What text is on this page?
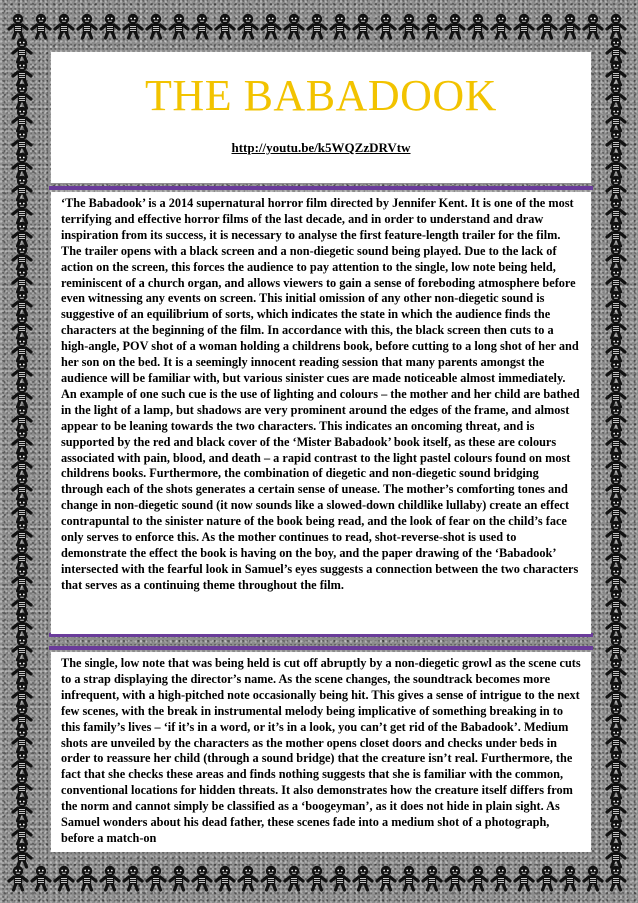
THE BABADOOK
http://youtu.be/k5WQZzDRVtw

‘The Babadook’ is a 2014 supernatural horror film directed by Jennifer Kent. It is one of the most terrifying and effective horror films of the last decade, and in order to understand and draw inspiration from its success, it is necessary to analyse the first feature-length trailer for the film.

The trailer opens with a black screen and a non-diegetic sound being played. Due to the lack of action on the screen, this forces the audience to pay attention to the single, low note being held, reminiscent of a church organ, and allows viewers to gain a sense of foreboding atmosphere before even witnessing any events on screen. This initial omission of any other non-diegetic sound is suggestive of an equilibrium of sorts, which indicates the state in which the audience finds the characters at the beginning of the film. In accordance with this, the black screen then cuts to a high-angle, POV shot of a woman holding a childrens book, before cutting to a long shot of her and her son on the bed. It is a seemingly innocent reading session that many parents amongst the audience will be familiar with, but various sinister cues are made noticeable almost immediately. An example of one such cue is the use of lighting and colours – the mother and her child are bathed in the light of a lamp, but shadows are very prominent around the edges of the frame, and almost appear to be leaning towards the two characters. This indicates an oncoming threat, and is supported by the red and black cover of the ‘Mister Babadook’ book itself, as these are colours associated with pain, blood, and death – a rapid contrast to the light pastel colours found on most childrens books. Furthermore, the combination of diegetic and non-diegetic sound bridging through each of the shots generates a certain sense of unease. The mother’s comforting tones and change in non-diegetic sound (it now sounds like a slowed-down childlike lullaby) create an effect contrapuntal to the sinister nature of the book being read, and the look of fear on the child’s face only serves to enforce this. As the mother continues to read, shot-reverse-shot is used to demonstrate the effect the book is having on the boy, and the paper drawing of the ‘Babadook’ intersected with the fearful look in Samuel’s eyes suggests a connection between the two characters that serves as a continuing theme throughout the film.

The single, low note that was being held is cut off abruptly by a non-diegetic growl as the scene cuts to a strap displaying the director’s name. As the scene changes, the soundtrack becomes more infrequent, with a high-pitched note occasionally being hit. This gives a sense of intrigue to the next few scenes, with the break in instrumental melody being implicative of something breaking in to this family’s lives – ‘if it’s in a word, or it’s in a look, you can’t get rid of the Babadook’. Medium shots are unveiled by the characters as the mother opens closet doors and checks under beds in order to reassure her child (through a sound bridge) that the creature isn’t real. Furthermore, the fact that she checks these areas and finds nothing suggests that she is familiar with the common, conventional locations for hidden threats. It also demonstrates how the creature itself differs from the norm and cannot simply be classified as a ‘boogeyman’, as it does not hide in plain sight. As Samuel wonders about his dead father, these scenes fade into a medium shot of a photograph, before a match-on
